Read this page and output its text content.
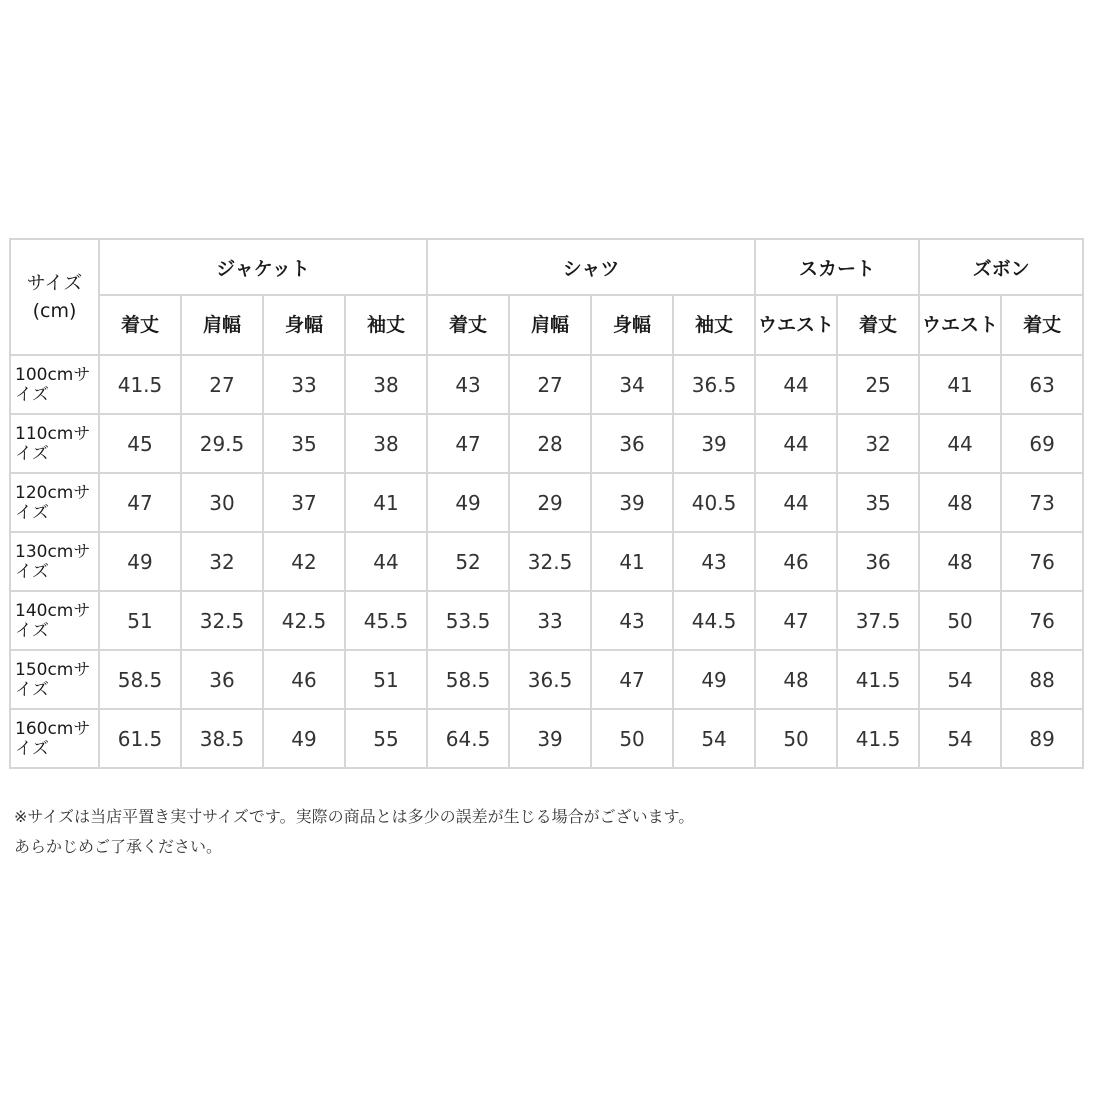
サイズ
(cm)	ジャケット				シャツ				スカート		ズボン	
	着丈	肩幅	身幅	袖丈	着丈	肩幅	身幅	袖丈	ウエスト	着丈	ウエスト	着丈
100cmサイズ	41.5	27	33	38	43	27	34	36.5	44	25	41	63
110cmサイズ	45	29.5	35	38	47	28	36	39	44	32	44	69
120cmサイズ	47	30	37	41	49	29	39	40.5	44	35	48	73
130cmサイズ	49	32	42	44	52	32.5	41	43	46	36	48	76
140cmサイズ	51	32.5	42.5	45.5	53.5	33	43	44.5	47	37.5	50	76
150cmサイズ	58.5	36	46	51	58.5	36.5	47	49	48	41.5	54	88
160cmサイズ	61.5	38.5	49	55	64.5	39	50	54	50	41.5	54	89

※サイズは当店平置き実寸サイズです。実際の商品とは多少の誤差が生じる場合がございます。

あらかじめご了承ください。
